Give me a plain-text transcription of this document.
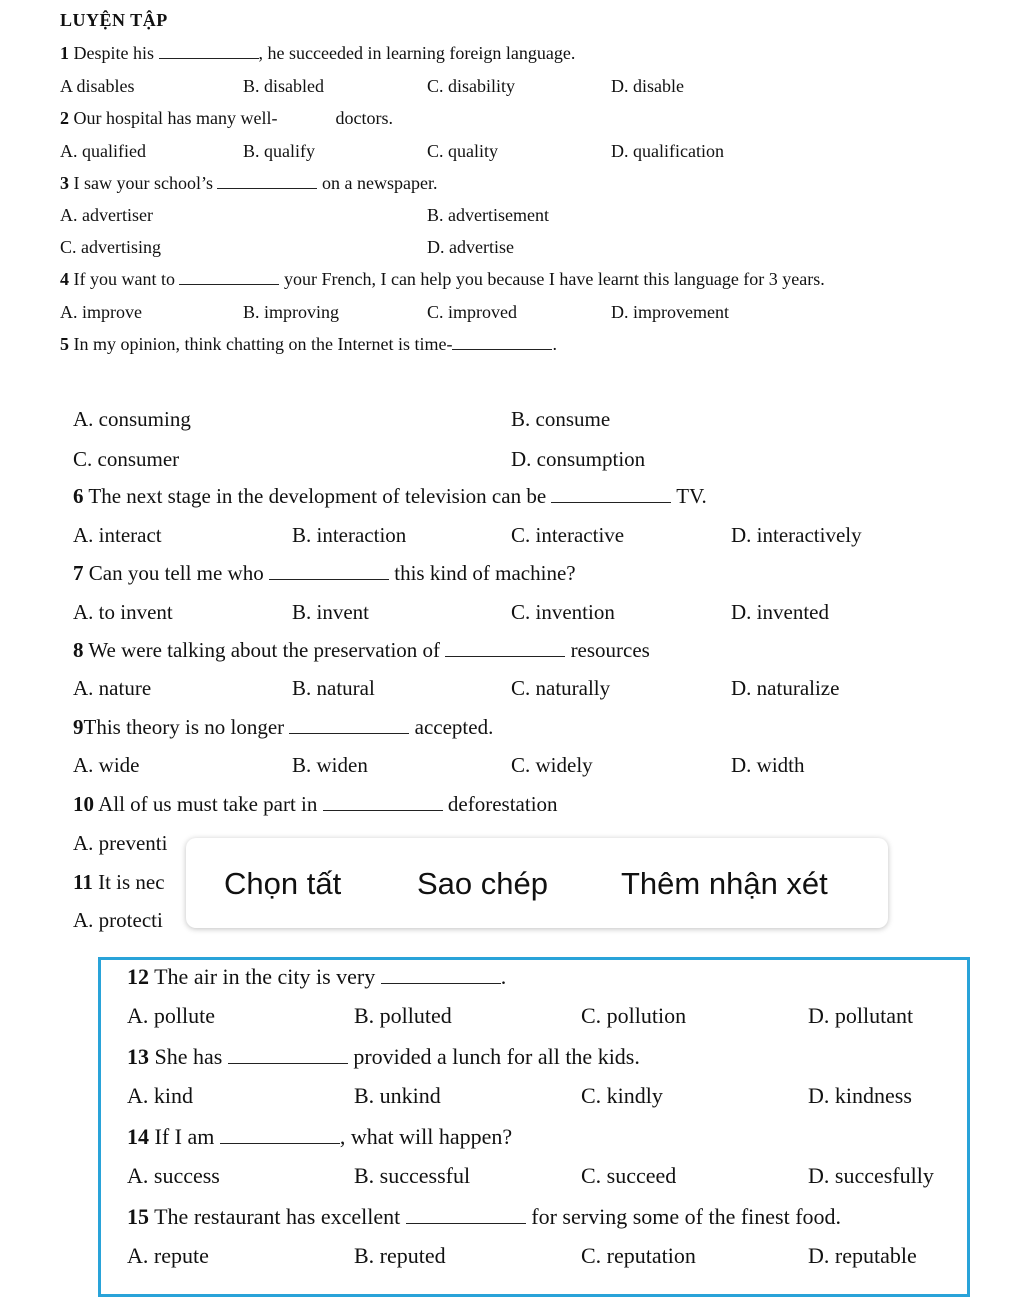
LUYỆN TẬP
1 Despite his	, he succeeded in learning foreign language.
A disables	B. disabled	C. disability	D. disable
2 Our hospital has many well-	doctors.
A. qualified	B. qualify	C. quality	D. qualification
3 I saw your school’s	on a newspaper.
A. advertiser	B. advertisement
C. advertising	D. advertise
4 If you want to	your French, I can help you because I have learnt this language for 3 years.
A. improve	B. improving	C. improved	D. improvement
5 In my opinion, think chatting on the Internet is time-	.
A. consuming	B. consume
C. consumer	D. consumption
6 The next stage in the development of television can be	TV.
A. interact	B. interaction	C. interactive	D. interactively
7 Can you tell me who	this kind of machine?
A. to invent	B. invent	C. invention	D. invented
8 We were talking about the preservation of	resources
A. nature	B. natural	C. naturally	D. naturalize
9This theory is no longer	accepted.
A. wide	B. widen	C. widely	D. width
10 All of us must take part in	deforestation
A. preventi
11 It is nec
A. protecti
Chọn tất Sao chép Thêm nhận xét
12 The air in the city is very	.
A. pollute	B. polluted	C. pollution	D. pollutant
13 She has	provided a lunch for all the kids.
A. kind	B. unkind	C. kindly	D. kindness
14 If I am	, what will happen?
A. success	B. successful	C. succeed	D. succesfully
15 The restaurant has excellent	for serving some of the finest food.
A. repute	B. reputed	C. reputation	D. reputable
